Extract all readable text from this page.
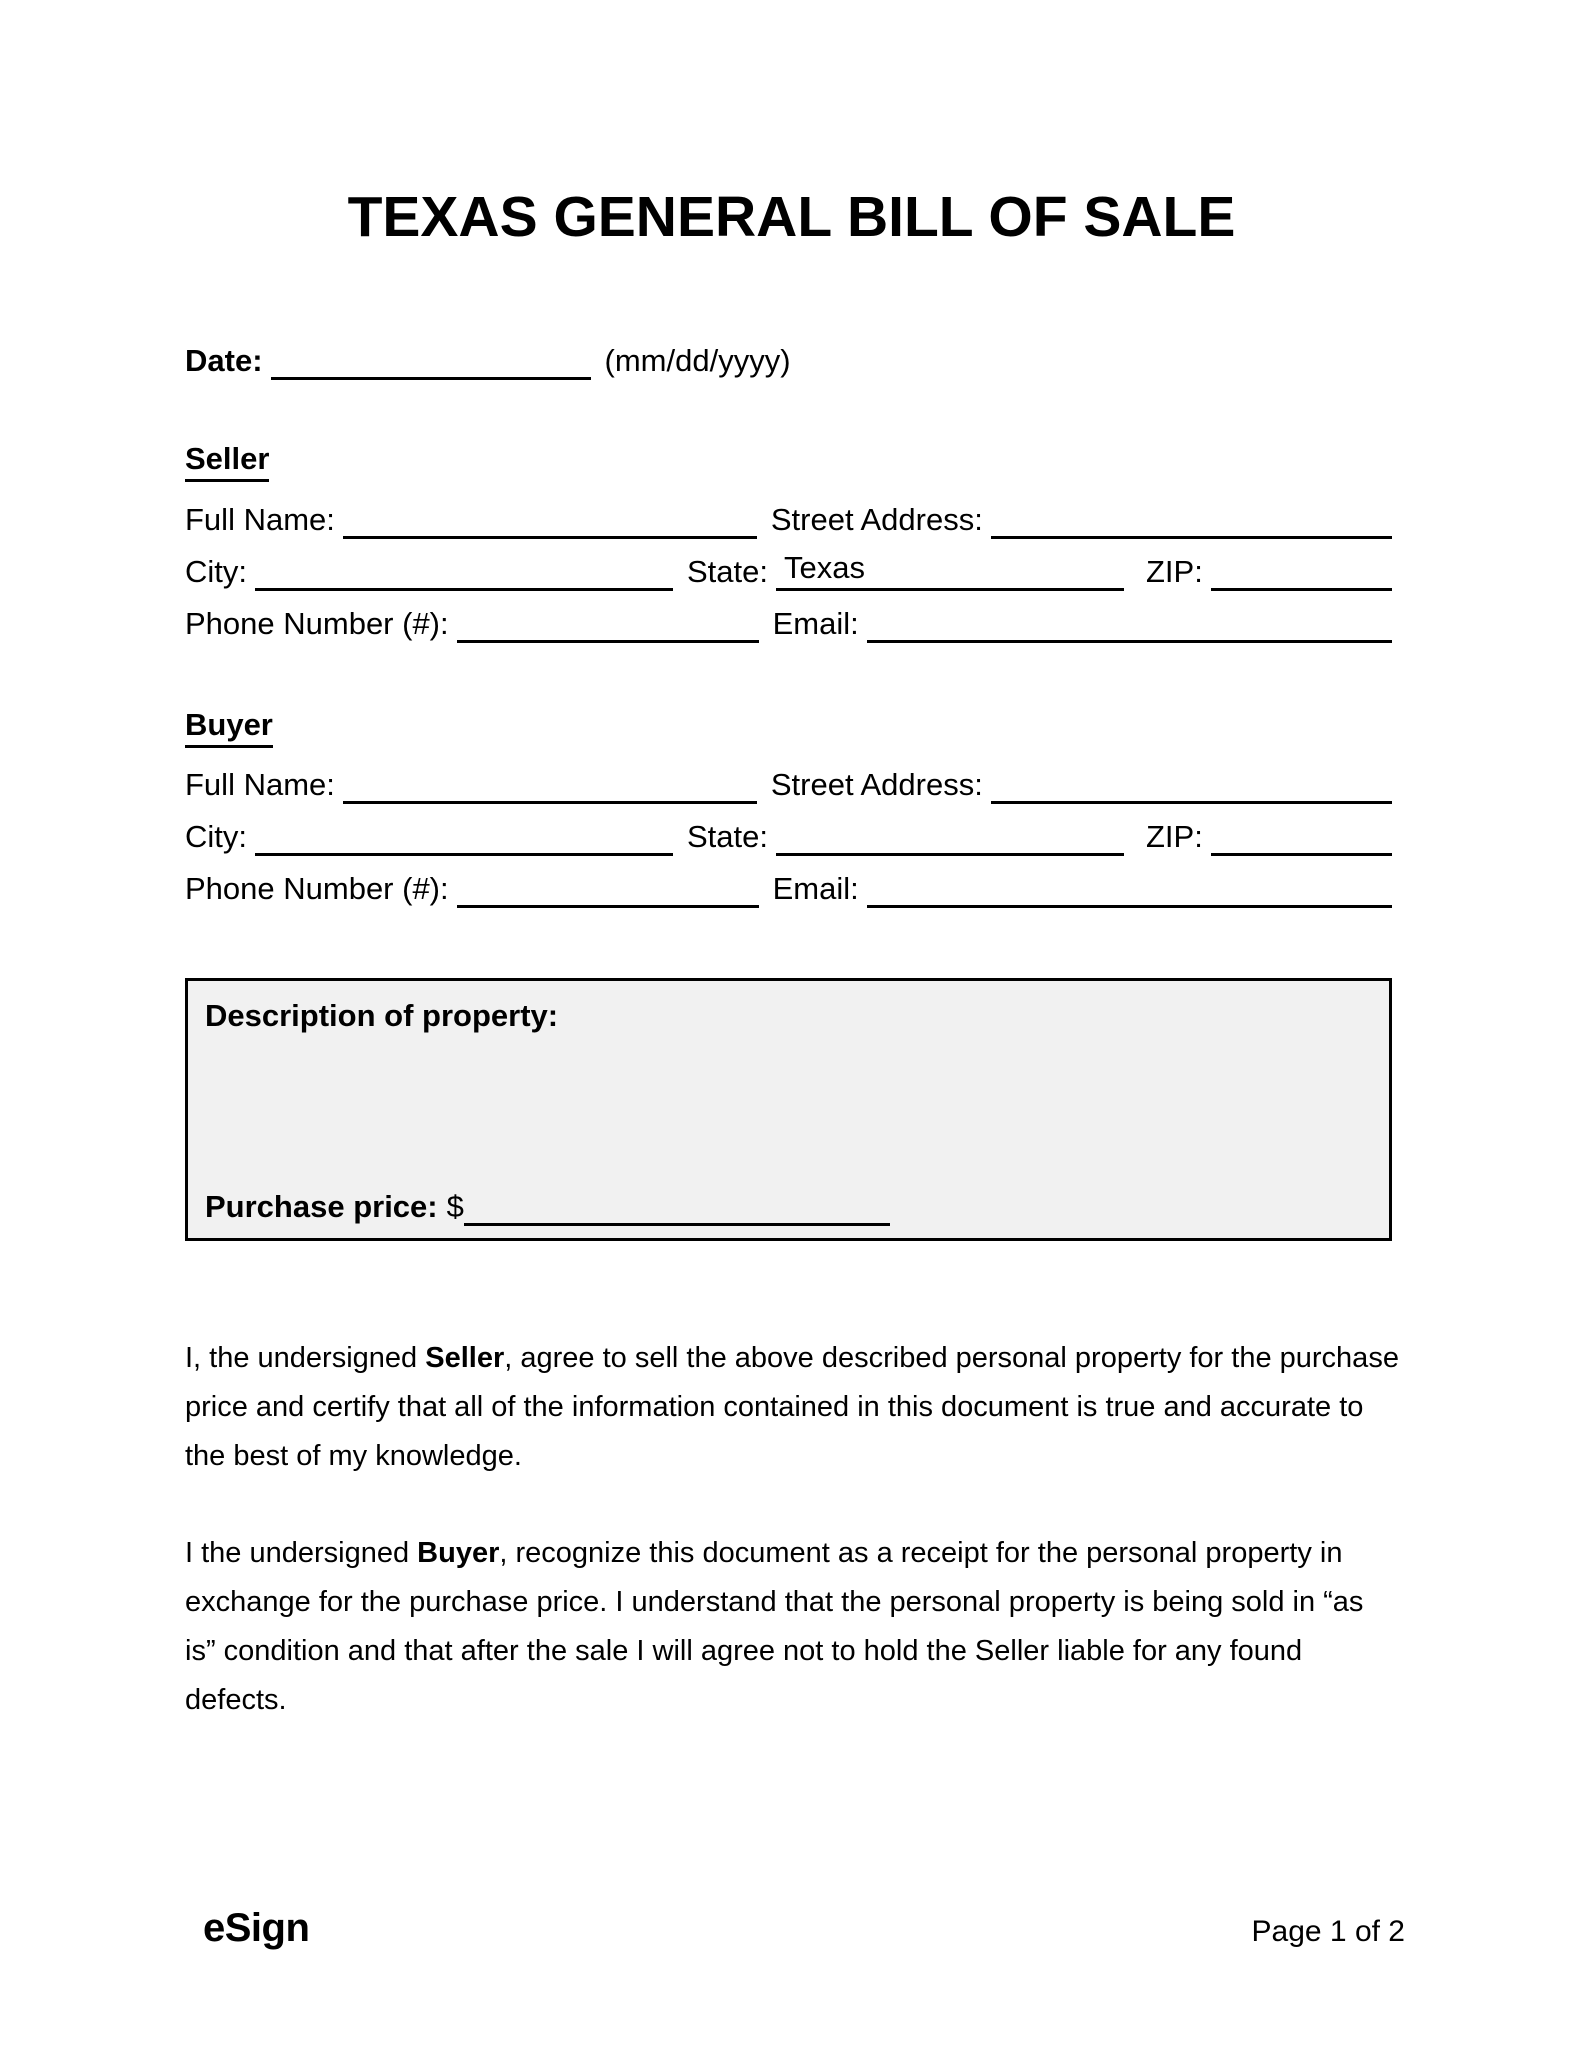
TEXAS GENERAL BILL OF SALE
Date:	(mm/dd/yyyy)
Seller
Full Name:	Street Address:
City:	State: Texas	ZIP:
Phone Number (#):	Email:
Buyer
Full Name:	Street Address:
City:	State:	ZIP:
Phone Number (#):	Email:
Description of property:
Purchase price: $
I, the undersigned Seller, agree to sell the above described personal property for the purchase price and certify that all of the information contained in this document is true and accurate to the best of my knowledge.
I the undersigned Buyer, recognize this document as a receipt for the personal property in exchange for the purchase price. I understand that the personal property is being sold in “as is” condition and that after the sale I will agree not to hold the Seller liable for any found defects.
eSign	Page 1 of 2
